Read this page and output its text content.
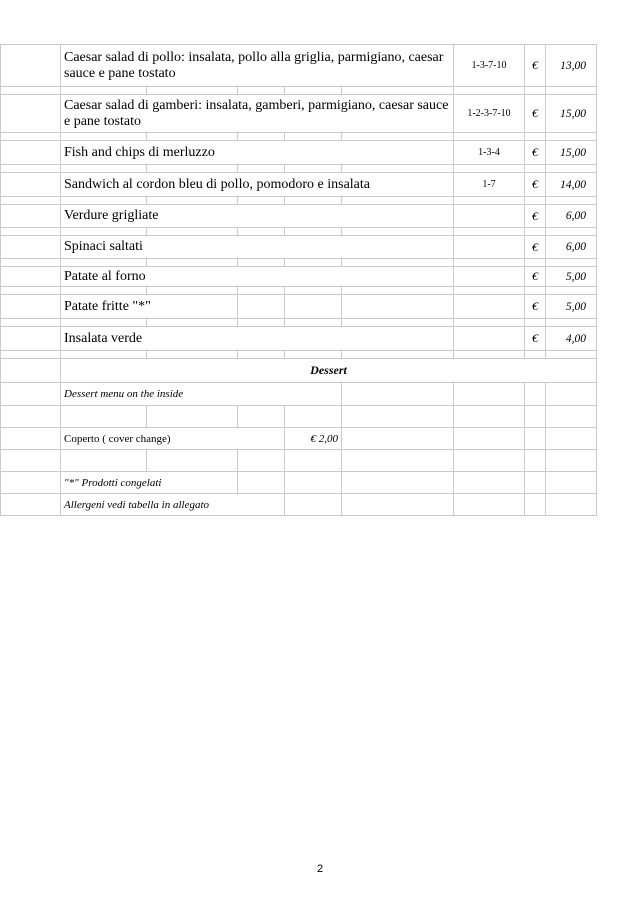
	Caesar salad di pollo: insalata, pollo alla griglia, parmigiano, caesar sauce e pane tostato					1-3-7-10	€	13,00

	Caesar salad di gamberi: insalata, gamberi, parmigiano, caesar sauce e pane tostato					1-2-3-7-10	€	15,00

	Fish and chips di merluzzo					1-3-4	€	15,00

	Sandwich al cordon bleu di pollo, pomodoro e insalata					1-7	€	14,00

	Verdure grigliate						€	6,00

	Spinaci saltati						€	6,00

	Patate al forno						€	5,00

	Patate fritte "*"						€	5,00

	Insalata verde						€	4,00

	Dessert							
	Dessert menu on the inside							

	Coperto ( cover change)			€ 2,00				

	"*" Prodotti congelati							
	Allergeni vedi tabella in allegato							
2
